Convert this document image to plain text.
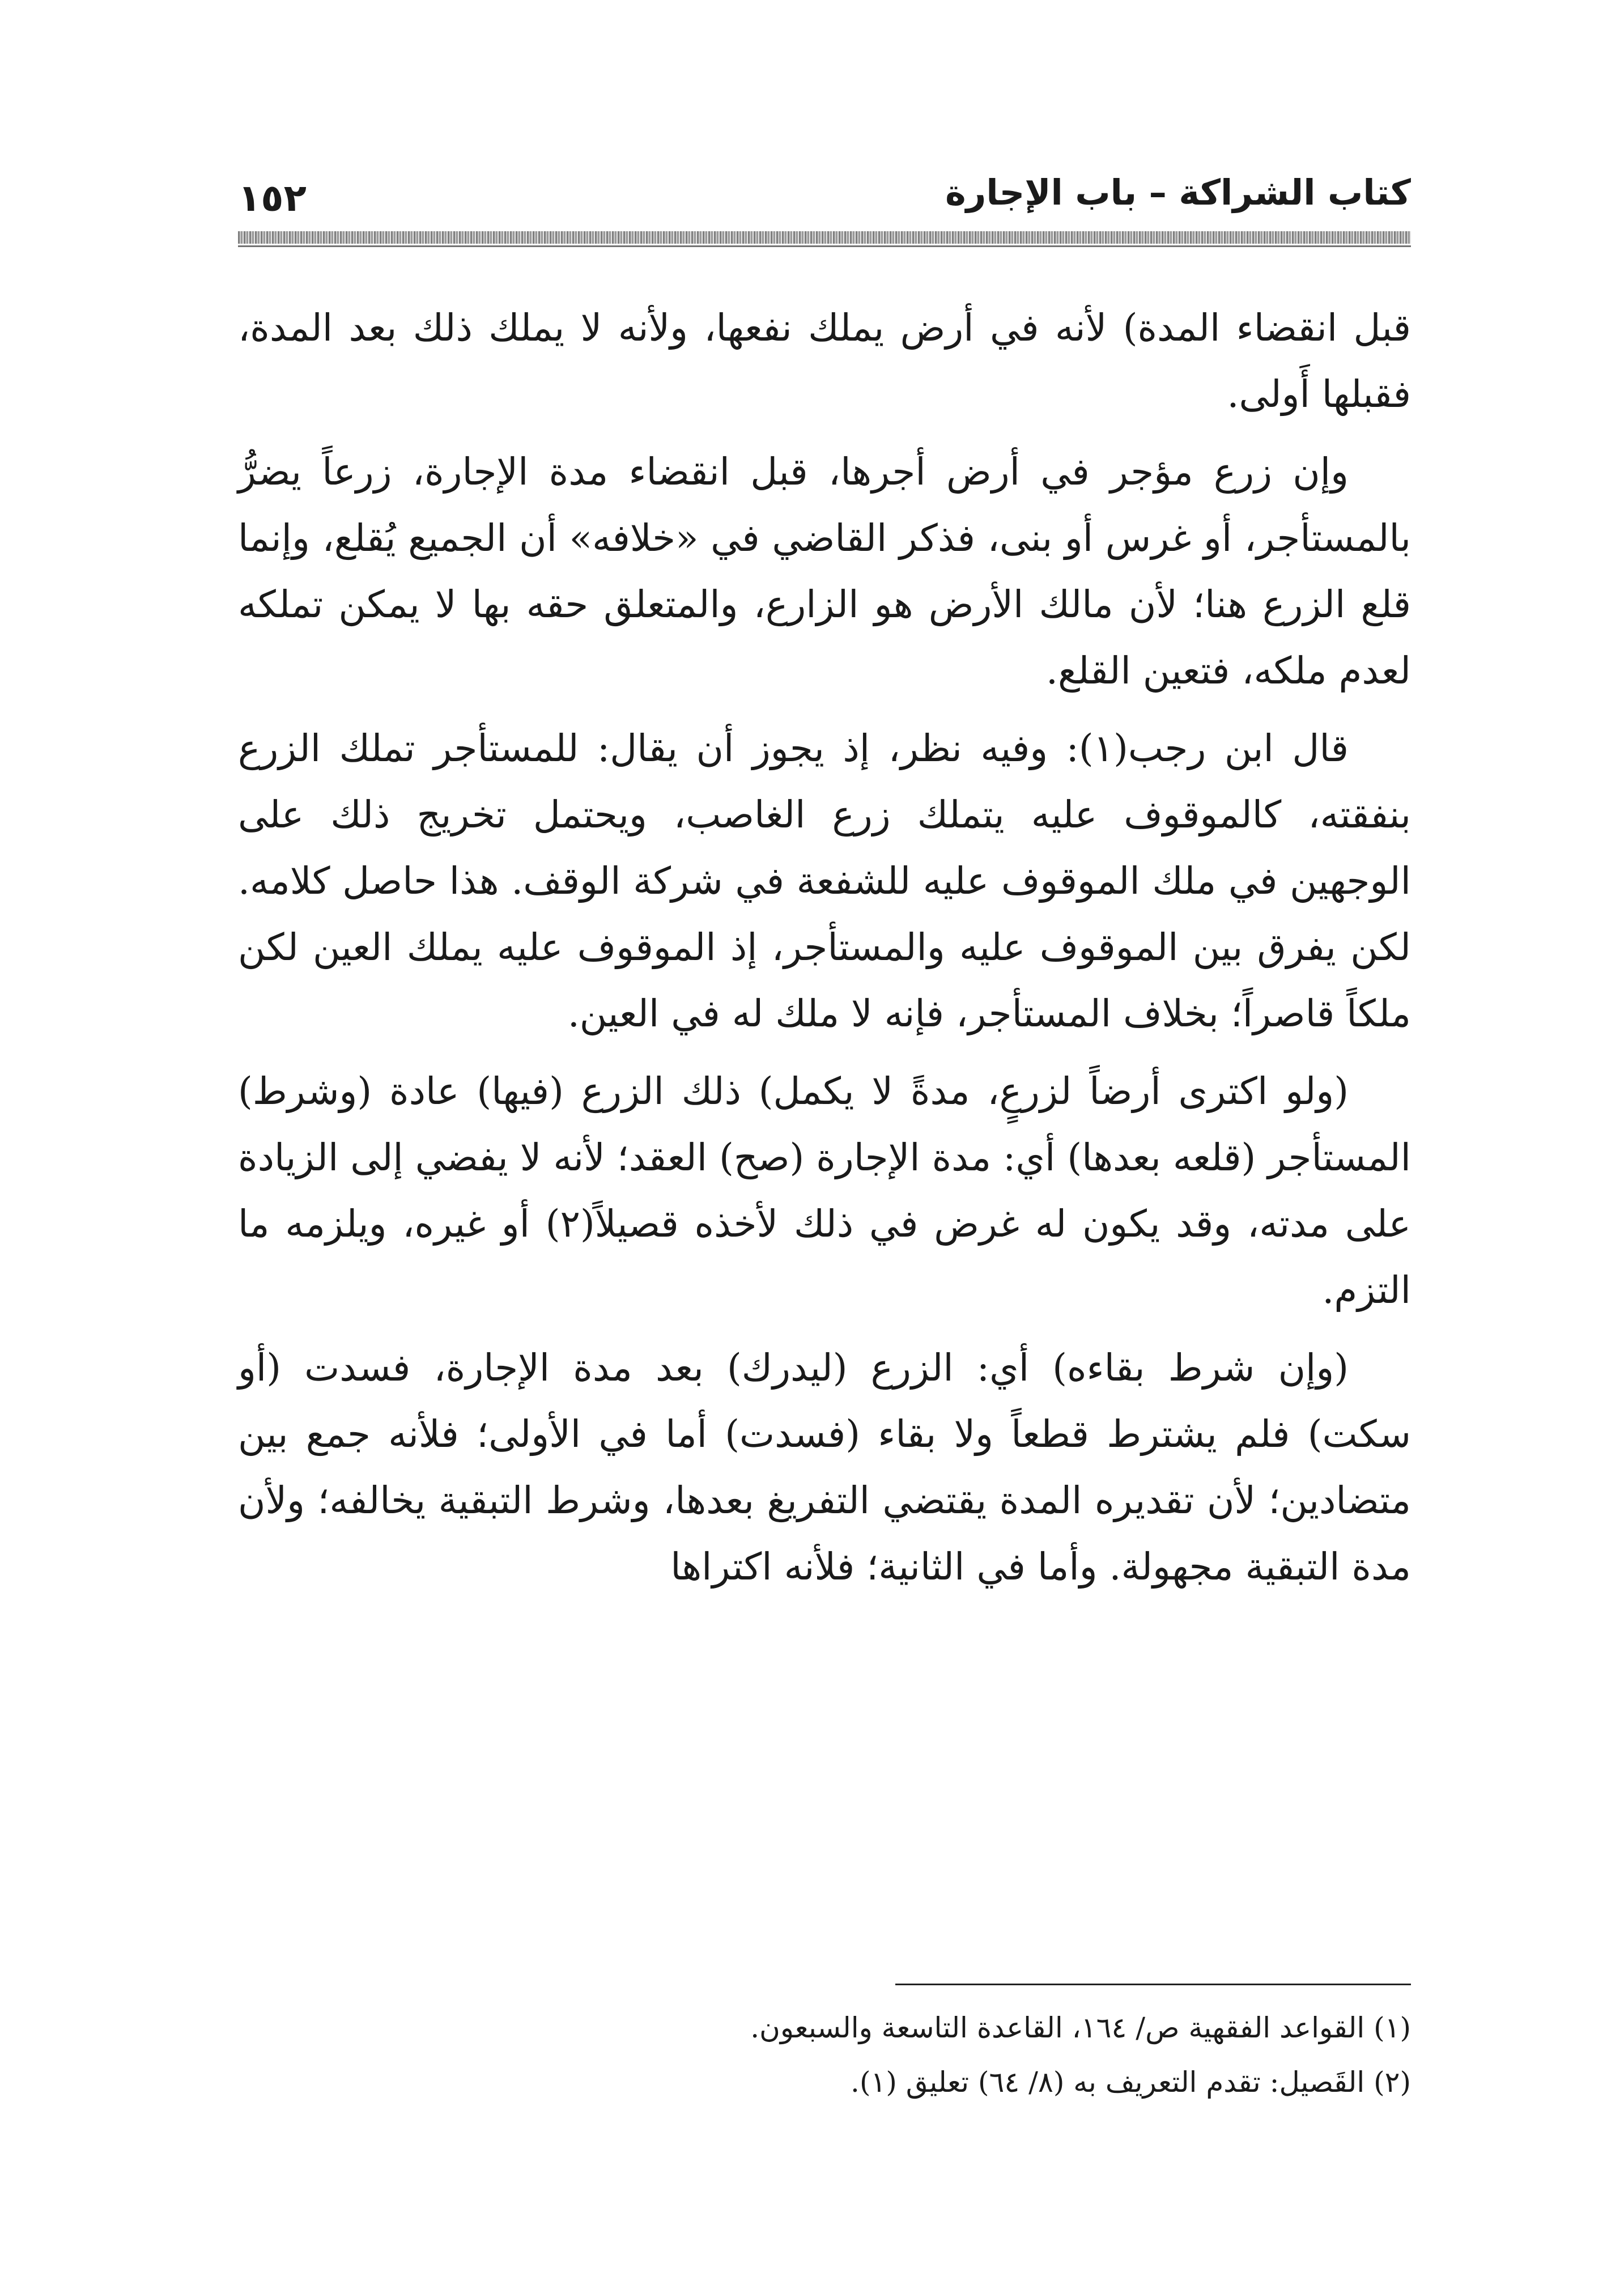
كتاب الشراكة – باب الإجارة
١٥٢

قبل انقضاء المدة) لأنه في أرض يملك نفعها، ولأنه لا يملك ذلك بعد المدة، فقبلها أَولى.

وإن زرع مؤجر في أرض أجرها، قبل انقضاء مدة الإجارة، زرعاً يضرُّ بالمستأجر، أو غرس أو بنى، فذكر القاضي في «خلافه» أن الجميع يُقلع، وإنما قلع الزرع هنا؛ لأن مالك الأرض هو الزارع، والمتعلق حقه بها لا يمكن تملكه لعدم ملكه، فتعين القلع.

قال ابن رجب(١): وفيه نظر، إذ يجوز أن يقال: للمستأجر تملك الزرع بنفقته، كالموقوف عليه يتملك زرع الغاصب، ويحتمل تخريج ذلك على الوجهين في ملك الموقوف عليه للشفعة في شركة الوقف. هذا حاصل كلامه. لكن يفرق بين الموقوف عليه والمستأجر، إذ الموقوف عليه يملك العين لكن ملكاً قاصراً؛ بخلاف المستأجر، فإنه لا ملك له في العين.

(ولو اكترى أرضاً لزرعٍ، مدةً لا يكمل) ذلك الزرع (فيها) عادة (وشرط) المستأجر (قلعه بعدها) أي: مدة الإجارة (صح) العقد؛ لأنه لا يفضي إلى الزيادة على مدته، وقد يكون له غرض في ذلك لأخذه قصيلاً(٢) أو غيره، ويلزمه ما التزم.

(وإن شرط بقاءه) أي: الزرع (ليدرك) بعد مدة الإجارة، فسدت (أو سكت) فلم يشترط قطعاً ولا بقاء (فسدت) أما في الأولى؛ فلأنه جمع بين متضادين؛ لأن تقديره المدة يقتضي التفريغ بعدها، وشرط التبقية يخالفه؛ ولأن مدة التبقية مجهولة. وأما في الثانية؛ فلأنه اكتراها

(١) القواعد الفقهية ص/ ١٦٤، القاعدة التاسعة والسبعون.

(٢) القَصيل: تقدم التعريف به (٨/ ٦٤) تعليق (١).
